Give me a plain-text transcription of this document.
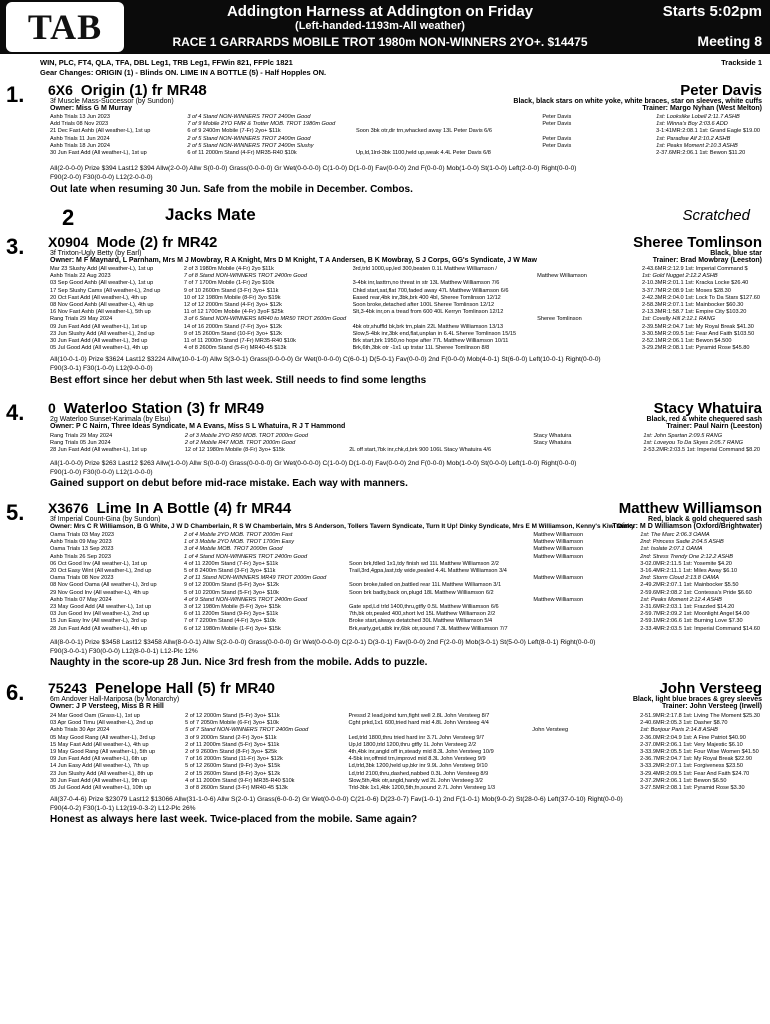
TAB	Addington Harness at Addington on Friday
(Left-handed-1193m-All weather)
RACE 1 GARRARDS MOBILE TROT 1980m NON-WINNERS 2YO+. $14475
Starts 5:02pm
Meeting 8
WIN, PLC, FT4, QLA, TFA, DBL Leg1, TRB Leg1, FFWin 821, FFPlc 1821
Gear Changes: ORIGIN (1) - Blinds ON. LIME IN A BOTTLE (5) - Half Hopples ON.
Trackside 1
1. 6X6 Origin (1) fr MR48	Peter Davis
3f Muscle Mass-Successor (by Sundon)
Owner: Miss G M Murray
Black, black stars on white yoke, white braces, star on sleeves, white cuffs
Trainer: Margo Nyhan (West Melton)
Ashb Trials 13 Jun 2023	3 of 4 Stand NON-WINNERS TROT 2400m Good		Peter Davis	1st: Lookslike Lobell 2:11.7 ASHB
Add Trials 08 Nov 2023	7 of 9 Mobile 2YO FMR & Trotter MOB. TROT 1980m Good		Peter Davis	1st: Winna's Boy 2:03.6 ADD
21 Dec Fast Ashb (All weather-L), 1st up	6 of 9 2400m Mobile (7-Fr) 2yo+ $11k	Soon 3bk otr,dir trn,whacked away 13L Peter Davis 6/6		3-1:41MR:2:08.1 1st: Grand Eagle $19.00
Ashb Trials 11 Jun 2024	2 of 5 Stand NON-WINNERS TROT 2400m Good		Peter Davis	1st: Paradise Alf 2:10.2 ASHB
Ashb Trials 18 Jun 2024	2 of 5 Stand NON-WINNERS TROT 2400m Slushy		Peter Davis	1st: Peaks Moment 2:10.3 ASHB
30 Jun Fast Add (All weather-L), 1st up	6 of 11 2000m Stand (4-Fr) MR35-R40 $10k	Up,ld,1lrd-3bk 1100,held up,weak 4.4L Peter Davis 6/8		2-37.6MR:2:06.1 1st: Bewon $11.20
All(2-0-0-0) Prize $394 Last12 $394 Allw(2-0-0) Allw S(0-0-0) Grass(0-0-0-0) Gr Wet(0-0-0-0) C(1-0-0) D(1-0-0) Fav(0-0-0) 2nd F(0-0-0) Mob(1-0-0) St(1-0-0) Left(2-0-0) Right(0-0-0)
F90(2-0-0) F30(0-0-0) L12(2-0-0-0)
Out late when resuming 30 Jun. Safe from the mobile in December. Combos.
2	Jacks Mate	Scratched
3. X0904 Mode (2) fr MR42	Sheree Tomlinson
3f Trixton-Ugly Betty (by Earl)
Owner: M F Maynard, L Parnham, Mrs M J Mowbray, R A Knight, Mrs D M Knight, T A Andersen, B K Mowbray, S J Corps, GG's Syndicate, J W Maw
Black, blue star
Trainer: Brad Mowbray (Leeston)
Mar 23 Slushy Add (All weather-L), 1st up	2 of 3 1980m Mobile (4-Fr) 2yo $11k	3rd,trld 1000,up,led 300,beaten 0.1L Matthew Williamson /		2-43.6MR:2:12.9 1st: Imperial Command $
Ashb Trials 22 Aug 2023	7 of 8 Stand NON-WINNERS TROT 2400m Good		Matthew Williamson	1st: Gold Nugget 2:12.2 ASHB
03 Sep Good Ashb (All weather-L), 1st up	7 of 7 1700m Mobile (1-Fr) 2yo $10k	3-4bk inr,lasttrn,no threat in str 13L Matthew Williamson 7/6		2-10.3MR:2:01.1 1st: Kracka Locke $26.40
17 Sep Slushy Cams (All weather-L), 2nd up	9 of 10 2600m Stand (3-Fr) 3yo+ $11k	Chkd start,sat,flat 700,faded away 47L Matthew Williamson 6/6		3-37.7MR:2:08.9 1st: Moses $28.30
20 Oct Fast Add (All weather-L), 4th up	10 of 12 1980m Mobile (8-Fr) 3yo $19k	Eased rear,4bk inr,3bk,brk 400 4bl, Sheree Tomlinson 12/12		2-42.3MR:2:04.0 1st: Lock To Da Stars $127.60
08 Nov Good Ashb (All weather-L), 4th up	12 of 12 2000m Stand (4-Fr) 3yo+ $12k	Soon broke,detached after 100L Sheree Tomlinson 12/12		2-58.3MR:2:07.1 1st: Mainbocker $60.30
16 Nov Fast Ashb (All weather-L), 5th up	11 of 12 1700m Mobile (4-Fr) 3yoF $25k	Slt,3-4bk inr,on a tread from 600 40L Kerryn Tomlinson 12/12		2-13.3MR:1:58.7 1st: Empire City $103.20
Rang Trials 29 May 2024	3 of 6 Stand NON-WINNERS MR40 to MR50 TROT 2600m Good		Sheree Tomlinson	1st: Covelly Hill 2:12.1 RANG
09 Jun Fast Add (All weather-L), 1st up	14 of 16 2000m Stand (7-Fr) 3yo+ $12k	4bk otr,shuffld bk,brk trn,plain 22L Matthew Williamson 13/13		2-39.5MR:2:04.7 1st: My Royal Break $41.30
23 Jun Slushy Add (All weather-L), 2nd up	9 of 15 2600m Stand (10-Fr) 3yo+ $12k	Slow,5-4bk inr,3bk end,flat,unplan in 6.4L Sheree Tomlinson 15/15		3-30.5MR:2:09.5 1st: Fear And Faith $103.50
30 Jun Fast Add (All weather-L), 3rd up	11 of 11 2000m Stand (7-Fr) MR35-R40 $10k	Brk start,brk 1950,no hope after 77L Matthew Williamson 10/11		2-52.1MR:2:06.1 1st: Bewon $4.500
05 Jul Good Add (All weather-L), 4th up	4 of 8 2600m Stand (5-Fr) MR40-45 $13k	Brk,6th,3bk otr -1x1 up trstar 11L Sheree Tomlinson 8/8		3-29.2MR:2:08.1 1st: Pyramid Rose $45.80
All(10-0-1-0) Prize $3624 Last12 $3224 Allw(10-0-1-0) Allw S(3-0-1) Grass(0-0-0-0) Gr Wet(0-0-0-0) C(6-0-1) D(5-0-1) Fav(0-0-0) 2nd F(0-0-0) Mob(4-0-1) St(6-0-0) Left(10-0-1) Right(0-0-0)
F90(3-0-1) F30(1-0-0) L12(9-0-0-0)
Best effort since her debut when 5th last week. Still needs to find some lengths
4. 0 Waterloo Station (3) fr MR49	Stacy Whatuira
2g Waterloo Sunset-Karimala (by Elsu)
Owner: P C Nairn, Three Ideas Syndicate, M A Evans, Miss S L Whatuira, R J T Hammond
Black, red & white chequered sash
Trainer: Paul Nairn (Leeston)
Rang Trials 29 May 2024	2 of 3 Mobile 2YO R50 MOB. TROT 2000m Good		Stacy Whatuira	1st: John Spartan 2:09.5 RANG
Rang Trials 05 Jun 2024	2 of 2 Mobile R47 MOB. TROT 2000m Good		Stacy Whatuira	1st: Loveyou To Da Skyes 2:05.7 RANG
28 Jun Fast Add (All weather-L), 1st up	12 of 12 1980m Mobile (8-Fr) 3yo+ $15k	2L off start,7bk inr,chk,d,brk 900 106L Stacy Whatuira 4/6		2-53.2MR:2:03.5 1st: Imperial Command $8.20
All(1-0-0-0) Prize $263 Last12 $263 Allw(1-0-0) Allw S(0-0-0) Grass(0-0-0-0) Gr Wet(0-0-0-0) C(1-0-0) D(1-0-0) Fav(0-0-0) 2nd F(0-0-0) Mob(1-0-0) St(0-0-0) Left(1-0-0) Right(0-0-0)
F90(1-0-0) F30(0-0-0) L12(1-0-0-0)
Gained support on debut before mid-race mistake. Each way with manners.
5. X3676 Lime In A Bottle (4) fr MR44	Matthew Williamson
3f Imperial Count-Gina (by Sundon)
Owner: Mrs C R Williamson, B G White, J W D Chamberlain, R S W Chamberlain, Mrs S Anderson, Tollers Tavern Syndicate, Turn It Up! Dinky Syndicate, Mrs E M Williamson, Kenny's Kiwi Dinky
Red, black & gold chequered sash
Trainer: M D Williamson (Oxford/Brightwater)
Oama Trials 03 May 2023	2 of 4 Mobile 2YO MOB. TROT 2000m Fast		Matthew Williamson	1st: The Marc 2:06.3 OAMA
Ashb Trials 09 May 2023	1 of 3 Mobile 2YO MOB. TROT 1700m Easy		Matthew Williamson	2nd: Princess Sadie 2:04.5 ASHB
Oama Trials 13 Sep 2023	3 of 4 Mobile MOB. TROT 2000m Good		Matthew Williamson	1st: Isolate 2:07.1 OAMA
Ashb Trials 26 Sep 2023	1 of 4 Stand NON-WINNERS TROT 2400m Good		Matthew Williamson	2nd: Stress Trendy One 2:12.2 ASHB
06 Oct Good Inv (All weather-L), 1st up	4 of 11 2200m Stand (7-Fr) 3yo+ $11k	Soon brk,fdled 1x1,tdy finish wd 11L Matthew Williamson 2/2		3-02.0MR:2:11.5 1st: Yosemite $4.20
20 Oct Easy Wint (All weather-L), 2nd up	5 of 8 2400m Stand (3-Fr) 3yo+ $11k	Trail,3rd,4gpa,last,tdy wide,pealed 4.4L Matthew Williamson 3/4		3-16.4MR:2:11.1 1st: Miles Away $6.10
Oama Trials 08 Nov 2023	2 of 11 Stand NON-WINNERS MR49 TROT 2000m Good		Matthew Williamson	2nd: Storm Cloud 2:13.8 OAMA
08 Nov Good Oama (All weather-L), 3rd up	9 of 12 2000m Stand (5-Fr) 3yo+ $12k	Soon broke,tailed on,battled rear 11L Matthew Williamson 3/1		2-49.2MR:2:07.1 1st: Mainbocker $5.50
29 Nov Good Inv (All weather-L), 4th up	5 of 10 2200m Stand (5-Fr) 3yo+ $10k	Soon brk badly,back on,plugd 18L Matthew Williamson 6/2		2-59.6MR:2:08.2 1st: Contessa's Pride $6.60
Ashb Trials 07 May 2024	4 of 9 Stand NON-WINNERS TROT 2400m Good		Matthew Williamson	1st: Peaks Moment 2:12.4 ASHB
23 May Good Add (All weather-L), 1st up	3 of 12 1980m Mobile (5-Fr) 3yo+ $15k	Gate spd,Ld trld 1400,thru,gtfly 0.5L Matthew Williamson 6/6		2-31.6MR:2:03.1 1st: Frazzled $14.20
03 Jun Good Inv (All weather-L), 2nd up	6 of 11 2200m Stand (9-Fr) 3yo+ $11k	7th,bk otr,pealed 400,short lvd 15L Matthew Williamson 2/2		2-59.7MR:2:09.2 1st: Moonlight Angel $4.00
15 Jun Easy Inv (All weather-L), 3rd up	7 of 7 2200m Stand (4-Fr) 3yo+ $10k	Broke start,always detatched 30L Matthew Williamson 5/4		2-59.1MR:2:06.6 1st: Burning Love $7.30
28 Jun Fast Add (All weather-L), 4th up	6 of 12 1980m Mobile (1-Fr) 3yo+ $15k	Brk,early,get,atbk inr,6bk otr,sound 7.3L Matthew Williamson 7/7		2-33.4MR:2:03.5 1st: Imperial Command $14.60
All(8-0-0-1) Prize $3458 Last12 $3458 Allw(8-0-0-1) Allw S(2-0-0-0) Grass(0-0-0-0) Gr Wet(0-0-0-0) C(2-0-1) D(3-0-1) Fav(0-0-0) 2nd F(2-0-0) Mob(3-0-1) St(5-0-0) Left(8-0-1) Right(0-0-0)
F90(3-0-0-1) F30(0-0-0) L12(8-0-0-1) L12-Plc 12%
Naughty in the score-up 28 Jun. Nice 3rd fresh from the mobile. Adds to puzzle.
6. 75243 Penelope Hall (5) fr MR40	John Versteeg
6m Andover Hall-Mariposa (by Monarchy)
Owner: J P Versteeg, Miss B R Hill
Black, light blue braces & grey sleeves
Trainer: John Versteeg (Irwell)
24 Mar Good Oam (Grass-L), 1st up	2 of 12 2000m Stand (5-Fr) 3yo+ $11k	Pressd 2 lead,joind turn,fight well 2.8L John Versteeg 8/7		2-51.9MR:2:17.8 1st: Living The Moment $25.30
03 Apr Good Timu (All weather-L), 2nd up	5 of 7 2050m Mobile (6-Fr) 3yo+ $10k	Cght prkd,1x1 600,tried hard mid 4.8L John Versteeg 4/4		2-40.6MR:2:05.3 1st: Dasher $8.70
Ashb Trials 30 Apr 2024	5 of 7 Stand NON-WINNERS TROT 2400m Good		John Versteeg	1st: Bonjour Paris 2:14.8 ASHB
05 May Good Rang (All weather-L), 3rd up	3 of 9 2000m Stand (2-Fr) 3yo+ $11k	Led,trld 1800,thru tried hard inr 3.7L John Versteeg 9/7		2-36.0MR:2:04.9 1st: A Fine Patriot $40.90
15 May Fast Add (All weather-L), 4th up	2 of 11 2000m Stand (5-Fr) 3yo+ $11k	Up,ld 1800,trld 1200,thru gtfly 1L John Versteeg 2/2		2-37.0MR:2:06.1 1st: Very Majestic $6.10
19 May Good Rang (All weather-L), 5th up	2 of 9 2600m Stand (8-Fr) 3yo+ $25k	4th,4bk inr,angld off in,steady mid 8.3L John Versteeg 10/9		3-33.9MR:2:05.5 1st: Four Wise Women $41.50
09 Jun Fast Add (All weather-L), 6th up	7 of 16 2000m Stand (11-Fr) 3yo+ $12k	4-5bk inr,offmid trn,improvd mid 8.3L John Versteeg 9/9		2-36.7MR:2:04.7 1st: My Royal Break $22.90
14 Jun Easy Add (All weather-L), 7th up	5 of 12 2600m Stand (9-Fr) 3yo+ $15k	Ld,trld,3bk 1200,held up,bkr inr 9.9L John Versteeg 9/10		3-33.2MR:2:07.1 1st: Forgiveness $23.50
23 Jun Slushy Add (All weather-L), 8th up	2 of 15 2600m Stand (8-Fr) 3yo+ $12k	Ld,trld 2100,thru,dashed,nabbed 0.3L John Versteeg 8/9		3-29.4MR:2:09.5 1st: Fear And Faith $24.70
30 Jun Fast Add (All weather-L), 9th up	4 of 11 2000m Stand (9-Fr) MR35-R40 $10k	Slow,5th,4bk otr,angld,handy wd 2L John Versteeg 3/2		2-37.2MR:2:06.1 1st: Bewon $6.50
05 Jul Good Add (All weather-L), 10th up	3 of 8 2600m Stand (3-Fr) MR40-45 $13k	Trld-3bk 1x1,4bk 1200,5th,fn,sound 2.7L John Versteeg 1/3		3-27.5MR:2:08.1 1st: Pyramid Rose $3.30
All(37-0-4-6) Prize $23079 Last12 $13066 Allw(31-1-0-6) Allw S(2-0-1) Grass(6-0-0-2) Gr Wet(0-0-0-0) C(21-0-6) D(23-0-7) Fav(1-0-1) 2nd F(1-0-1) Mob(9-0-2) St(28-0-6) Left(37-0-10) Right(0-0-0)
F90(4-0-2) F30(1-0-1) L12(19-0-3-2) L12-Plc 26%
Honest as always here last week. Twice-placed from the mobile. Same again?
